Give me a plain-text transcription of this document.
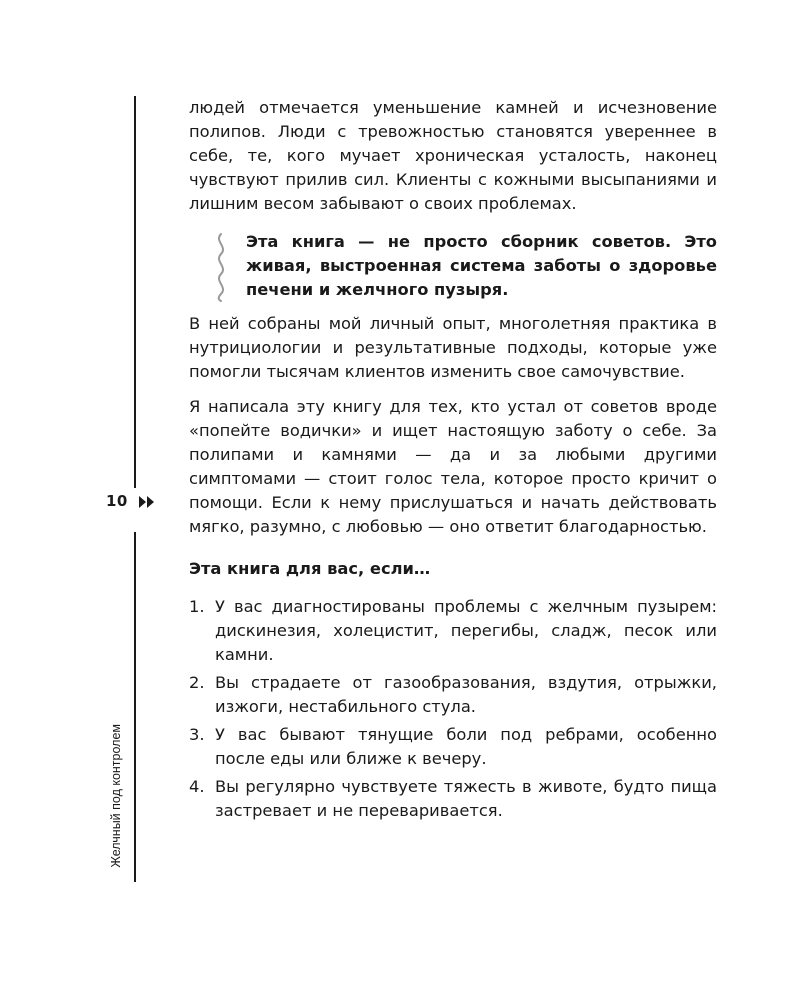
10
Желчный под контролем

людей отмечается уменьшение камней и исчезновение полипов. Люди с тревожностью становятся увереннее в себе, те, кого мучает хроническая усталость, наконец чувствуют прилив сил. Клиенты с кожными высыпаниями и лишним весом забывают о своих проблемах.

Эта книга — не просто сборник советов. Это живая, выстроенная система заботы о здоровье печени и желчного пузыря.

В ней собраны мой личный опыт, многолетняя практика в нутрициологии и результативные подходы, которые уже помогли тысячам клиентов изменить свое самочувствие.

Я написала эту книгу для тех, кто устал от советов вроде «попейте водички» и ищет настоящую заботу о себе. За полипами и камнями — да и за любыми другими симптомами — стоит голос тела, которое просто кричит о помощи. Если к нему прислушаться и начать действовать мягко, разумно, с любовью — оно ответит благодарностью.

Эта книга для вас, если…
1. У вас диагностированы проблемы с желчным пузырем: дискинезия, холецистит, перегибы, сладж, песок или камни.
2. Вы страдаете от газообразования, вздутия, отрыжки, изжоги, нестабильного стула.
3. У вас бывают тянущие боли под ребрами, особенно после еды или ближе к вечеру.
4. Вы регулярно чувствуете тяжесть в животе, будто пища застревает и не переваривается.
